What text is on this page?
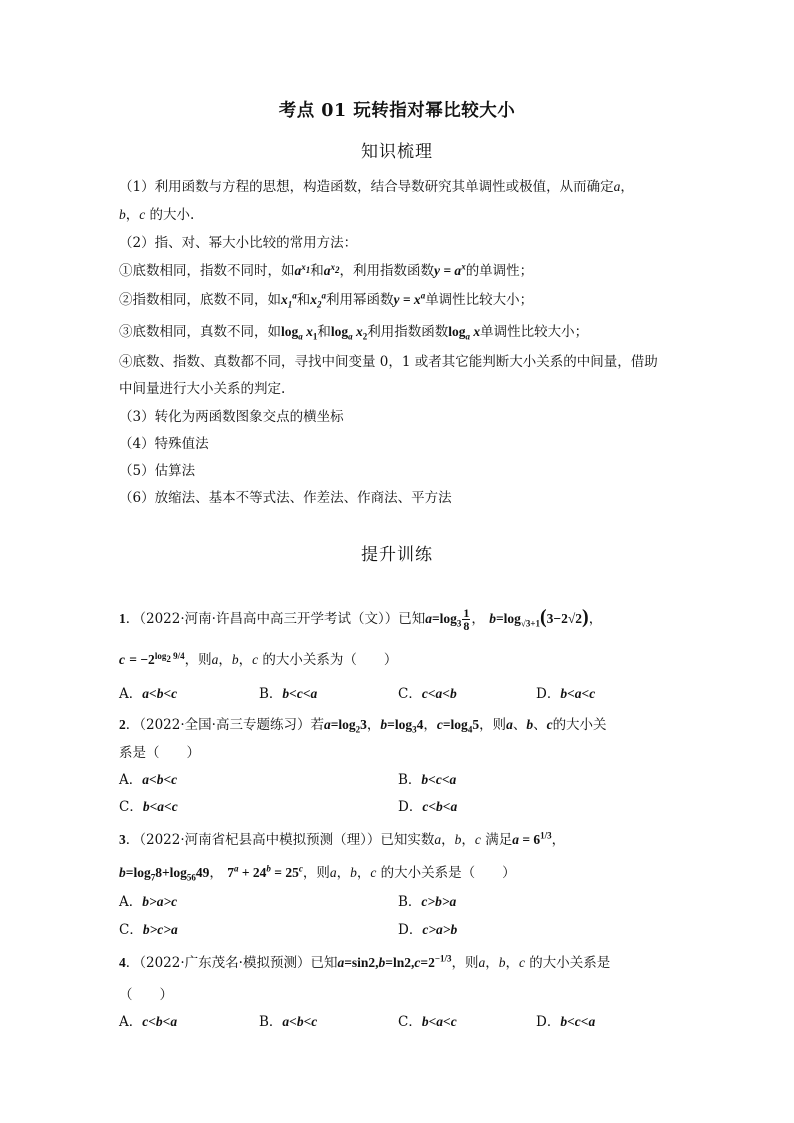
考点 01 玩转指对幂比较大小
知识梳理
（1）利用函数与方程的思想，构造函数，结合导数研究其单调性或极值，从而确定a，
b，c 的大小.
（2）指、对、幂大小比较的常用方法：
①底数相同，指数不同时，如$a^{x_1}$和$a^{x_2}$，利用指数函数$y = a^x$的单调性；
②指数相同，底数不同，如$x_1^a$和$x_2^a$利用幂函数$y = x^a$单调性比较大小；
③底数相同，真数不同，如$\log_a x_1$和$\log_a x_2$利用指数函数$\log_a x$单调性比较大小；
④底数、指数、真数都不同，寻找中间变量 0，1 或者其它能判断大小关系的中间量，借助
中间量进行大小关系的判定.
（3）转化为两函数图象交点的横坐标
（4）特殊值法
（5）估算法
（6）放缩法、基本不等式法、作差法、作商法、平方法
提升训练
1．（2022·河南·许昌高中高三开学考试（文））已知$a=\log_3 \frac{1}{8}$ ， $b=\log_{√3+1}(3-2√2)$，
$c = -2^{log_2 9/4}$，则a，b，c 的大小关系为（　　）
A．a<b<c	B．b<c<a	C．c<a<b	D．b<a<c
2．（2022·全国·高三专题练习）若$a=\log_23$，$b=\log_34$，$c=\log_45$，则a、b、c的大小关
系是（　　）
A．a<b<c	B．b<c<a
C．b<a<c	D．c<b<a
3．（2022·河南省杞县高中模拟预测（理））已知实数a，b，c 满足$a = 6^{1/3}$，
$b=\log_78+\log_{56}49$， $7^a + 24^b = 25^c$，则a，b，c 的大小关系是（　　）
A．b>a>c	B．c>b>a
C．b>c>a	D．c>a>b
4．（2022·广东茂名·模拟预测）已知$a=\sin 2,b=\ln 2,c=2^{-1/3}$，则a，b，c 的大小关系是
（　　）
A．c<b<a	B．a<b<c	C．b<a<c	D．b<c<a
